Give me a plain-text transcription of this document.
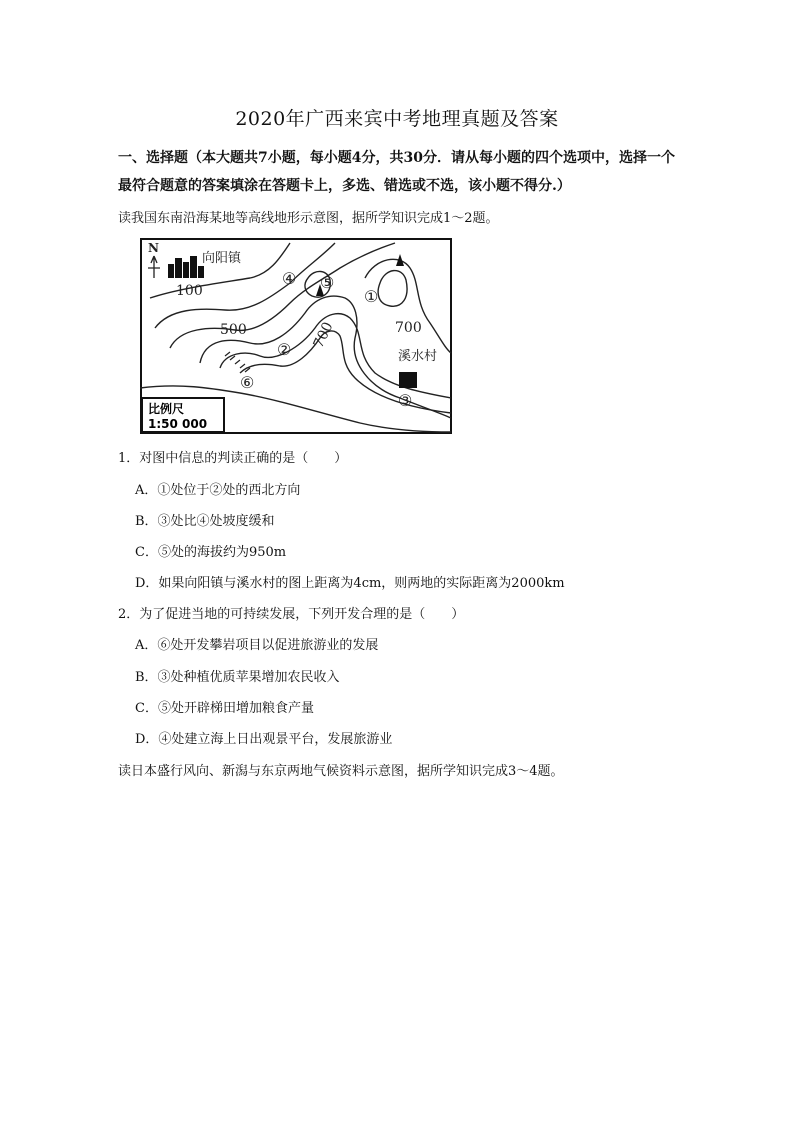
2020年广西来宾中考地理真题及答案
一、选择题（本大题共7小题，每小题4分，共30分．请从每小题的四个选项中，选择一个最符合题意的答案填涂在答题卡上，多选、错选或不选，该小题不得分.）
读我国东南沿海某地等高线地形示意图，据所学知识完成1～2题。
N
向阳镇
溪水村
100
500	700	700
④ ⑤
①
②
⑥
③
比例尺
1:50 000
1．对图中信息的判读正确的是（　　）
A．①处位于②处的西北方向
B．③处比④处坡度缓和
C．⑤处的海拔约为950m
D．如果向阳镇与溪水村的图上距离为4cm，则两地的实际距离为2000km
2．为了促进当地的可持续发展，下列开发合理的是（　　）
A．⑥处开发攀岩项目以促进旅游业的发展
B．③处种植优质苹果增加农民收入
C．⑤处开辟梯田增加粮食产量
D．④处建立海上日出观景平台，发展旅游业
读日本盛行风向、新潟与东京两地气候资料示意图，据所学知识完成3～4题。
